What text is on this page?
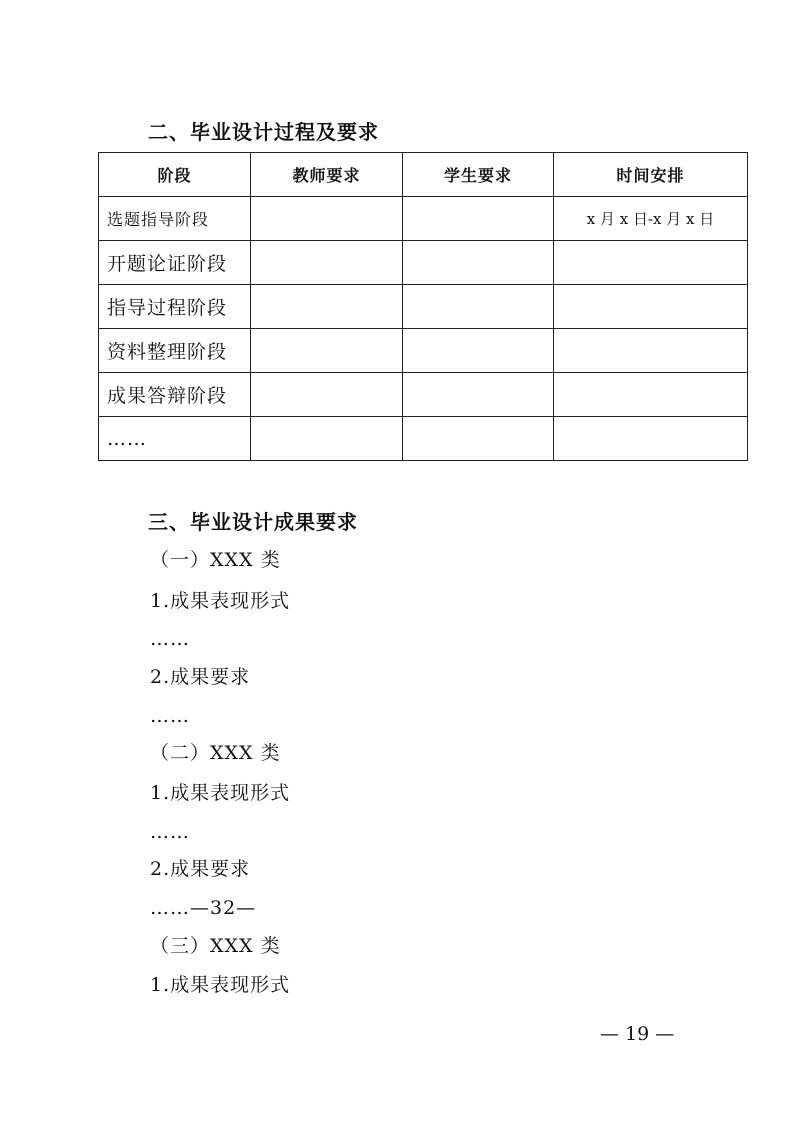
二、毕业设计过程及要求
阶段	教师要求	学生要求	时间安排
选题指导阶段			x 月 x 日-x 月 x 日
开题论证阶段			
指导过程阶段			
资料整理阶段			
成果答辩阶段			
……			
三、毕业设计成果要求
（一）XXX 类
1.成果表现形式
……
2.成果要求
……
（二）XXX 类
1.成果表现形式
……
2.成果要求
……—32—
（三）XXX 类
1.成果表现形式
— 19 —
